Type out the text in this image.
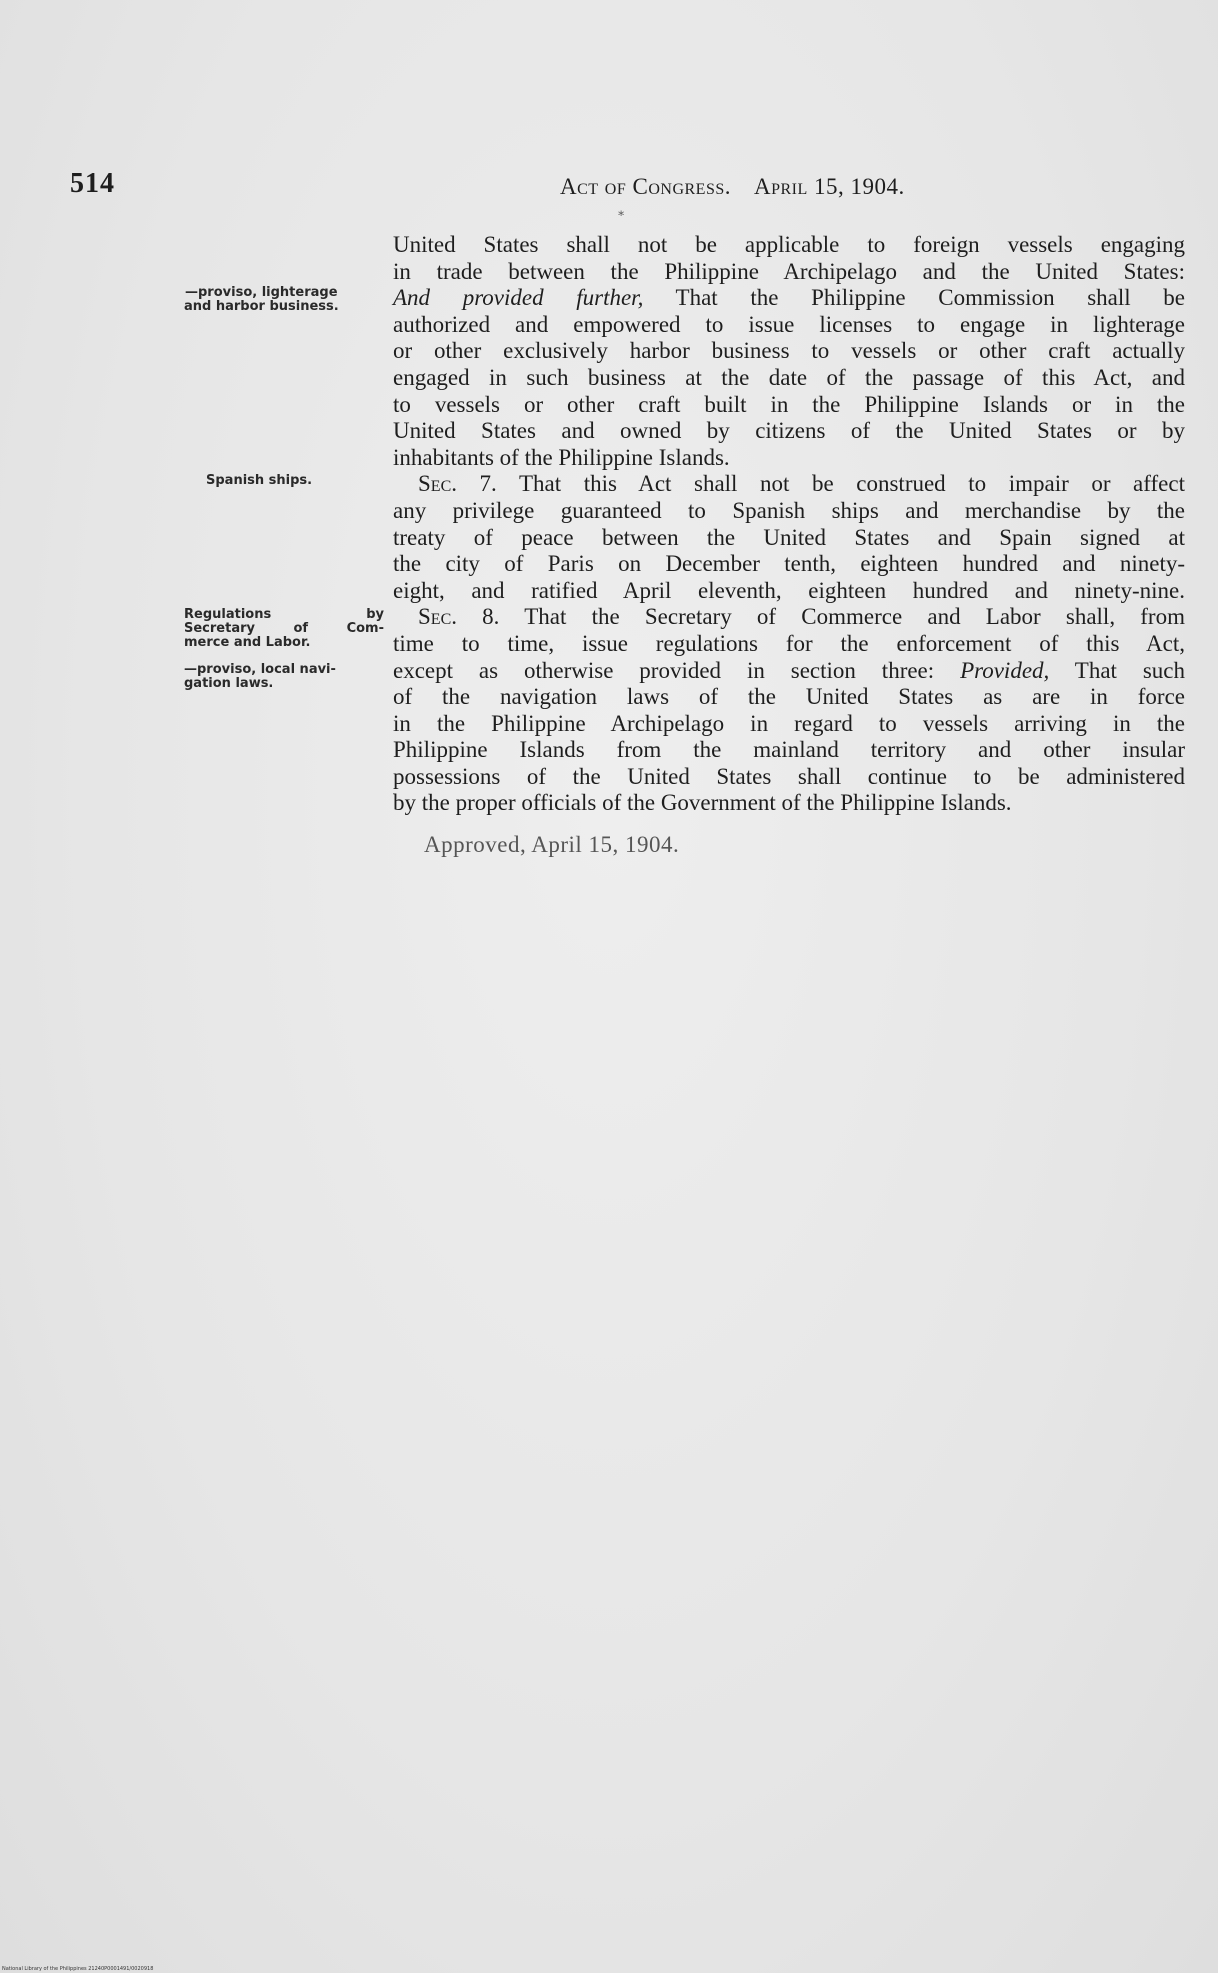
514	Act of Congress. April 15, 1904.
∗
—proviso, lighterage
and harbor business.
Spanish ships.
Regulations by
Secretary of Com-
merce and Labor.
—proviso, local navi-
gation laws.
United States shall not be applicable to foreign vessels engaging
in trade between the Philippine Archipelago and the United States:
And provided further, That the Philippine Commission shall be
authorized and empowered to issue licenses to engage in lighterage
or other exclusively harbor business to vessels or other craft actually
engaged in such business at the date of the passage of this Act, and
to vessels or other craft built in the Philippine Islands or in the
United States and owned by citizens of the United States or by
inhabitants of the Philippine Islands.
Sec. 7. That this Act shall not be construed to impair or affect
any privilege guaranteed to Spanish ships and merchandise by the
treaty of peace between the United States and Spain signed at
the city of Paris on December tenth, eighteen hundred and ninety-
eight, and ratified April eleventh, eighteen hundred and ninety-nine.
Sec. 8. That the Secretary of Commerce and Labor shall, from
time to time, issue regulations for the enforcement of this Act,
except as otherwise provided in section three: Provided, That such
of the navigation laws of the United States as are in force
in the Philippine Archipelago in regard to vessels arriving in the
Philippine Islands from the mainland territory and other insular
possessions of the United States shall continue to be administered
by the proper officials of the Government of the Philippine Islands.
Approved, April 15, 1904.
National Library of the Philippines 21240P0001491/0020918
